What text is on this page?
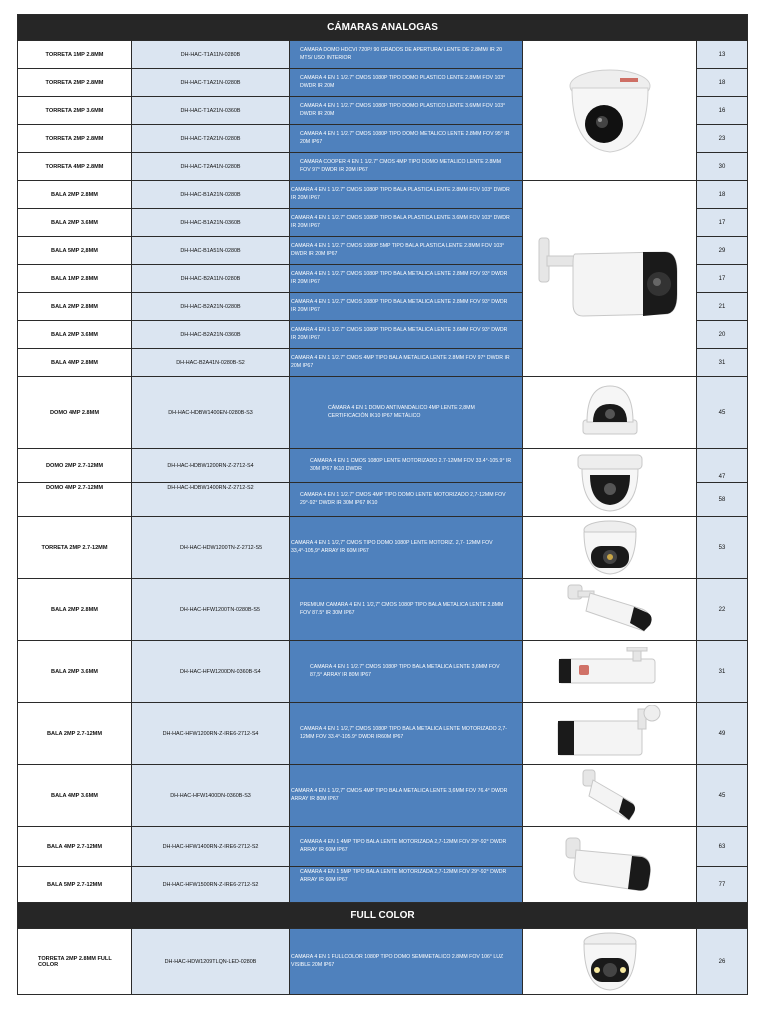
CÁMARAS ANALOGAS				
TORRETA 1MP 2.8MM	DH-HAC-T1A11N-0280B	CAMARA DOMO HDCVI 720P/ 90 GRADOS DE APERTURA/ LENTE DE 2.8MM/ IR 20 MTS/ USO INTERIOR		13
TORRETA 2MP 2.8MM	DH-HAC-T1A21N-0280B	CAMARA 4 EN 1 1/2.7" CMOS 1080P TIPO DOMO PLASTICO LENTE 2.8MM FOV 103° DWDR IR 20M		18
TORRETA 2MP 3.6MM	DH-HAC-T1A21N-0360B	CAMARA 4 EN 1 1/2.7" CMOS 1080P TIPO DOMO PLASTICO LENTE 3.6MM FOV 103° DWDR IR 20M		16
TORRETA 2MP 2.8MM	DH-HAC-T2A21N-0280B	CAMARA 4 EN 1 1/2.7" CMOS 1080P TIPO DOMO METALICO LENTE 2.8MM FOV 95° IR 20M IP67		23
TORRETA 4MP 2.8MM	DH-HAC-T2A41N-0280B	CAMARA COOPER 4 EN 1 1/2.7" CMOS 4MP TIPO DOMO METALICO LENTE 2.8MM FOV 97° DWDR IR 20M IP67		30
BALA 2MP 2.8MM	DH-HAC-B1A21N-0280B	CAMARA 4 EN 1 1/2.7" CMOS 1080P TIPO BALA PLASTICA LENTE 2.8MM FOV 103° DWDR IR 20M IP67		18
BALA 2MP 3.6MM	DH-HAC-B1A21N-0360B	CAMARA 4 EN 1 1/2.7" CMOS 1080P TIPO BALA PLASTICA LENTE 3.6MM FOV 103° DWDR IR 20M IP67		17
BALA 5MP 2,8MM	DH-HAC-B1A51N-0280B	CAMARA 4 EN 1 1/2.7" CMOS 1080P 5MP TIPO BALA PLASTICA LENTE 2.8MM FOV 103° DWDR IR 20M IP67		29
BALA 1MP 2.8MM	DH-HAC-B2A11N-0280B	CAMARA 4 EN 1 1/2.7" CMOS 1080P TIPO BALA METALICA LENTE 2.8MM FOV 93° DWDR IR 20M IP67		17
BALA 2MP 2.8MM	DH-HAC-B2A21N-0280B	CAMARA 4 EN 1 1/2.7" CMOS 1080P TIPO BALA METALICA LENTE 2.8MM FOV 93° DWDR IR 20M IP67		21
BALA 2MP 3.6MM	DH-HAC-B2A21N-0360B	CAMARA 4 EN 1 1/2.7" CMOS 1080P TIPO BALA METALICA LENTE 3.6MM FOV 93° DWDR IR 20M IP67		20
BALA 4MP 2.8MM	DH-HAC-B2A41N-0280B-S2	CAMARA 4 EN 1 1/2.7" CMOS 4MP TIPO BALA METALICA LENTE 2.8MM FOV 97° DWDR IR 20M IP67		31
DOMO 4MP 2.8MM	DH-HAC-HDBW1400EN-0280B-S3	CÁMARA 4 EN 1 DOMO ANTIVANDALICO 4MP LENTE 2,8MM CERTIFICACIÓN IK10 IP67 METÁLICO		45
DOMO 2MP 2.7-12MM	DH-HAC-HDBW1200RN-Z-2712-S4	CAMARA 4 EN 1 CMOS 1080P LENTE MOTORIZADO 2.7-12MM FOV 33.4°-105.9° IR 30M IP67 IK10 DWDR		47
DOMO 4MP 2.7-12MM	DH-HAC-HDBW1400RN-Z-2712-S2	CAMARA 4 EN 1 1/2.7" CMOS 4MP TIPO DOMO LENTE MOTORIZADO 2,7-12MM FOV 29°-92° DWDR IR 30M IP67 IK10		58
TORRETA 2MP 2.7-12MM	DH-HAC-HDW1200TN-Z-2712-S5	CAMARA 4 EN 1 1/2,7" CMOS TIPO DOMO 1080P LENTE MOTORIZ. 2,7- 12MM FOV 33,4°-105,9° ARRAY IR 60M IP67		53
BALA 2MP 2.8MM	DH-HAC-HFW1200TN-0280B-S5	PREMIUM CAMARA 4 EN 1 1/2,7" CMOS 1080P TIPO BALA METALICA LENTE 2.8MM FOV 87.5° IR 30M IP67		22
BALA 2MP 3.6MM	DH-HAC-HFW1200DN-0360B-S4	CAMARA 4 EN 1 1/2.7" CMOS 1080P TIPO BALA METALICA LENTE 3,6MM FOV 87,5° ARRAY IR 80M IP67		31
BALA 2MP 2.7-12MM	DH-HAC-HFW1200RN-Z-IRE6-2712-S4	CAMARA 4 EN 1 1/2,7" CMOS 1080P TIPO BALA METALICA LENTE MOTORIZADO 2,7-12MM FOV 33.4°-105.9° DWDR IR60M IP67		49
BALA 4MP 3.6MM	DH-HAC-HFW1400DN-0360B-S3	CAMARA 4 EN 1 1/2,7" CMOS 4MP TIPO BALA METALICA LENTE 3,6MM FOV 76.4° DWDR ARRAY IR 80M IP67		45
BALA 4MP 2.7-12MM	DH-HAC-HFW1400RN-Z-IRE6-2712-S2	CAMARA 4 EN 1 4MP TIPO BALA LENTE MOTORIZADA 2,7-12MM FOV 29°-92° DWDR ARRAY IR 60M IP67		63
BALA 5MP 2.7-12MM	DH-HAC-HFW1500RN-Z-IRE6-2712-S2	CAMARA 4 EN 1 5MP TIPO BALA LENTE MOTORIZADA 2,7-12MM FOV 29°-92° DWDR ARRAY IR 60M IP67		77
FULL COLOR				
TORRETA 2MP 2.8MM FULL COLOR	DH-HAC-HDW1209TLQN-LED-0280B	CAMARA 4 EN 1 FULLCOLOR 1080P TIPO DOMO SEMIMETALICO 2.8MM FOV 106° LUZ VISIBLE 20M IP67		26
